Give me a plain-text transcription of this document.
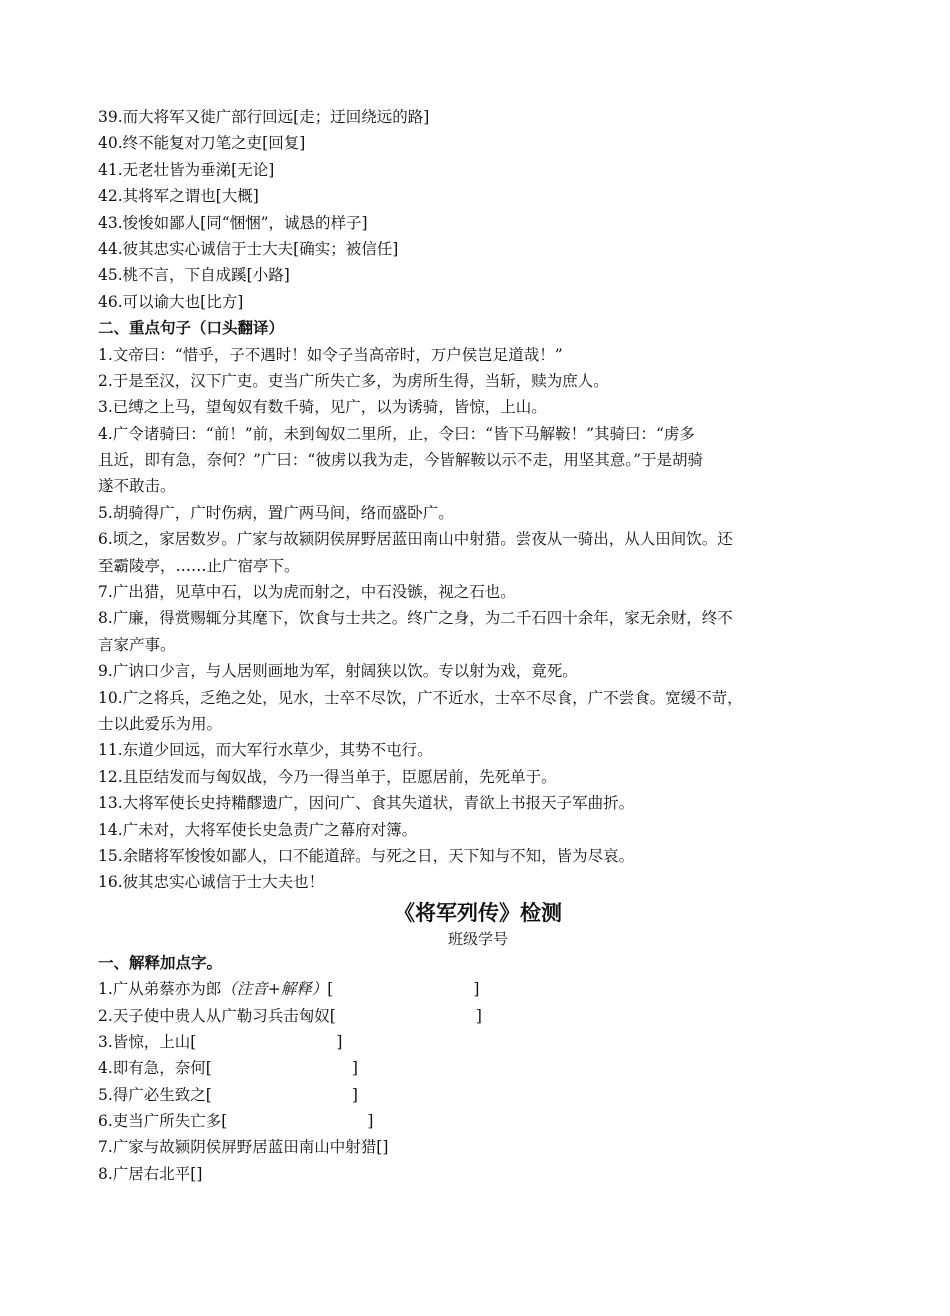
39.而大将军又徙广部行回远[走；迂回绕远的路]
40.终不能复对刀笔之吏[回复]
41.无老壮皆为垂涕[无论]
42.其将军之谓也[大概]
43.悛悛如鄙人[同“悃悃”，诚恳的样子]
44.彼其忠实心诚信于士大夫[确实；被信任]
45.桃不言，下自成蹊[小路]
46.可以谕大也[比方]
二、重点句子（口头翻译）
1.文帝曰：“惜乎，子不遇时！如令子当高帝时，万户侯岂足道哉！”
2.于是至汉，汉下广吏。吏当广所失亡多，为虏所生得，当斩，赎为庶人。
3.已缚之上马，望匈奴有数千骑，见广，以为诱骑，皆惊，上山。
4.广令诸骑曰：“前！”前，未到匈奴二里所，止，令曰：“皆下马解鞍！”其骑曰：“虏多
且近，即有急，奈何？”广曰：“彼虏以我为走，今皆解鞍以示不走，用坚其意。”于是胡骑
遂不敢击。
5.胡骑得广，广时伤病，置广两马间，络而盛卧广。
6.顷之，家居数岁。广家与故颍阴侯屏野居蓝田南山中射猎。尝夜从一骑出，从人田间饮。还
至霸陵亭，……止广宿亭下。
7.广出猎，见草中石，以为虎而射之，中石没镞，视之石也。
8.广廉，得赏赐辄分其麾下，饮食与士共之。终广之身，为二千石四十余年，家无余财，终不
言家产事。
9.广讷口少言，与人居则画地为军，射阔狭以饮。专以射为戏，竟死。
10.广之将兵，乏绝之处，见水，士卒不尽饮，广不近水，士卒不尽食，广不尝食。宽缓不苛，
士以此爱乐为用。
11.东道少回远，而大军行水草少，其势不屯行。
12.且臣结发而与匈奴战，今乃一得当单于，臣愿居前，先死单于。
13.大将军使长史持糒醪遗广，因问广、食其失道状，青欲上书报天子军曲折。
14.广未对，大将军使长史急责广之幕府对簿。
15.余睹将军悛悛如鄙人，口不能道辞。与死之日，天下知与不知，皆为尽哀。
16.彼其忠实心诚信于士大夫也！
《将军列传》检测
班级学号
一、解释加点字。
1.广从弟蔡亦为郎（注音+解释）[	]
2.天子使中贵人从广勒习兵击匈奴[	]
3.皆惊，上山[	]
4.即有急，奈何[	]
5.得广必生致之[	]
6.吏当广所失亡多[	]
7.广家与故颍阴侯屏野居蓝田南山中射猎[]
8.广居右北平[]
